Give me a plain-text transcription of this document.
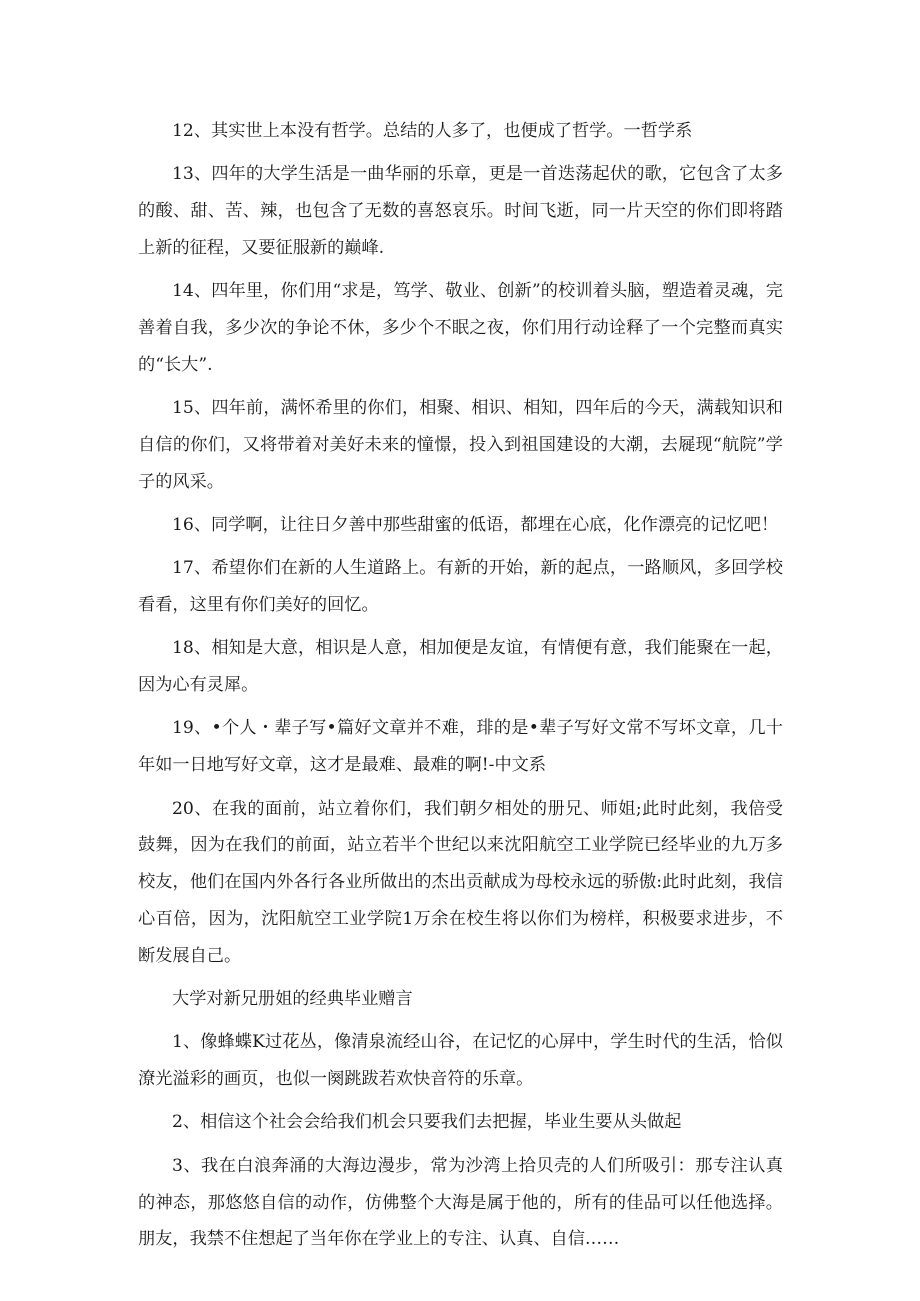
12、其实世上本没有哲学。总结的人多了，也便成了哲学。一哲学系

13、四年的大学生活是一曲华丽的乐章，更是一首迭荡起伏的歌，它包含了太多的酸、甜、苦、辣，也包含了无数的喜怒哀乐。时间飞逝，同一片天空的你们即将踏上新的征程，又要征服新的巅峰.

14、四年里，你们用“求是，笃学、敬业、创新”的校训着头脑，塑造着灵魂，完善着自我，多少次的争论不休，多少个不眠之夜，你们用行动诠释了一个完整而真实的“长大”.

15、四年前，满怀希里的你们，相聚、相识、相知，四年后的今天，满载知识和自信的你们，又将带着对美好未来的憧憬，投入到祖国建设的大潮，去屣现“航院”学子的风采。

16、同学啊，让往日夕善中那些甜蜜的低语，都埋在心底，化作漂亮的记忆吧！

17、希望你们在新的人生道路上。有新的开始，新的起点，一路顺风，多回学校看看，这里有你们美好的回忆。

18、相知是大意，相识是人意，相加便是友谊，有情便有意，我们能聚在一起，因为心有灵犀。

19、•个人・辈子写•篇好文章并不难，琲的是•辈子写好文常不写坏文章，几十年如一日地写好文章，这才是最难、最难的啊!-中文系

20、在我的面前，站立着你们，我们朝夕相处的册兄、师姐;此时此刻，我倍受鼓舞，因为在我们的前面，站立若半个世纪以来沈阳航空工业学院已经毕业的九万多校友，他们在国内外各行各业所做出的杰出贡献成为母校永远的骄傲:此时此刻，我信心百倍，因为，沈阳航空工业学院1万余在校生将以你们为榜样，积极要求进步，不断发展自己。

大学对新兄册姐的经典毕业赠言

1、像蜂蝶K过花丛，像清泉流经山谷，在记忆的心屏中，学生时代的生活，恰似潦光溢彩的画页，也似一阕跳跋若欢快音符的乐章。

2、相信这个社会会给我们机会只要我们去把握，毕业生要从头做起

3、我在白浪奔涌的大海边漫步，常为沙湾上拾贝壳的人们所吸引：那专注认真的神态，那悠悠自信的动作，仿佛整个大海是属于他的，所有的佳品可以任他选择。朋友，我禁不住想起了当年你在学业上的专注、认真、自信……
